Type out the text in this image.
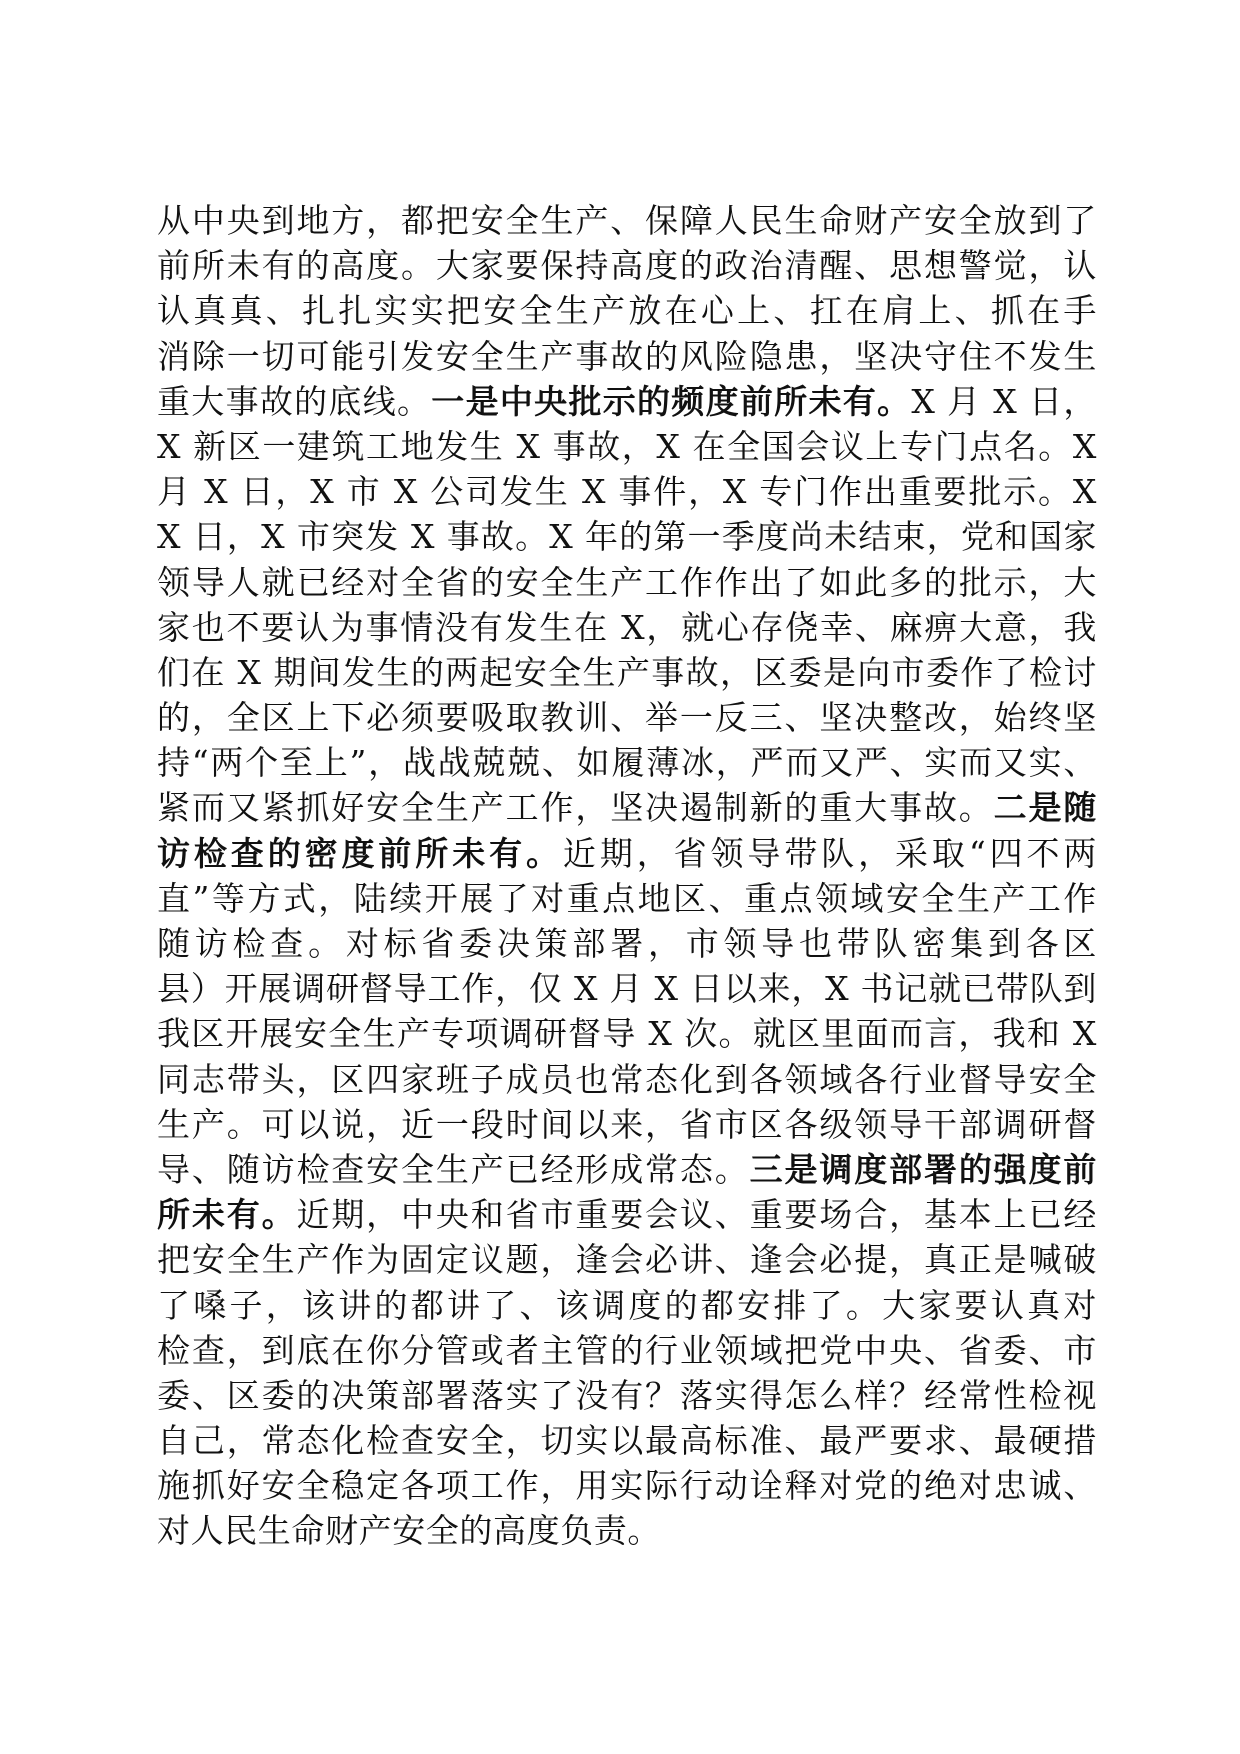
从中央到地方，都把安全生产、保障人民生命财产安全放到了
前所未有的高度。大家要保持高度的政治清醒、思想警觉，认
认真真、扎扎实实把安全生产放在心上、扛在肩上、抓在手
消除一切可能引发安全生产事故的风险隐患，坚决守住不发生
重大事故的底线。一是中央批示的频度前所未有。X 月 X 日，
X 新区一建筑工地发生 X 事故，X 在全国会议上专门点名。X
月 X 日，X 市 X 公司发生 X 事件，X 专门作出重要批示。X
X 日，X 市突发 X 事故。X 年的第一季度尚未结束，党和国家
领导人就已经对全省的安全生产工作作出了如此多的批示，大
家也不要认为事情没有发生在 X，就心存侥幸、麻痹大意，我
们在 X 期间发生的两起安全生产事故，区委是向市委作了检讨
的，全区上下必须要吸取教训、举一反三、坚决整改，始终坚
持“两个至上”，战战兢兢、如履薄冰，严而又严、实而又实、
紧而又紧抓好安全生产工作，坚决遏制新的重大事故。二是随
访检查的密度前所未有。近期，省领导带队，采取“四不两
直”等方式，陆续开展了对重点地区、重点领域安全生产工作
随访检查。对标省委决策部署，市领导也带队密集到各区
县）开展调研督导工作，仅 X 月 X 日以来，X 书记就已带队到
我区开展安全生产专项调研督导 X 次。就区里面而言，我和 X
同志带头，区四家班子成员也常态化到各领域各行业督导安全
生产。可以说，近一段时间以来，省市区各级领导干部调研督
导、随访检查安全生产已经形成常态。三是调度部署的强度前
所未有。近期，中央和省市重要会议、重要场合，基本上已经
把安全生产作为固定议题，逢会必讲、逢会必提，真正是喊破
了嗓子，该讲的都讲了、该调度的都安排了。大家要认真对
检查，到底在你分管或者主管的行业领域把党中央、省委、市
委、区委的决策部署落实了没有？落实得怎么样？经常性检视
自己，常态化检查安全，切实以最高标准、最严要求、最硬措
施抓好安全稳定各项工作，用实际行动诠释对党的绝对忠诚、
对人民生命财产安全的高度负责。
